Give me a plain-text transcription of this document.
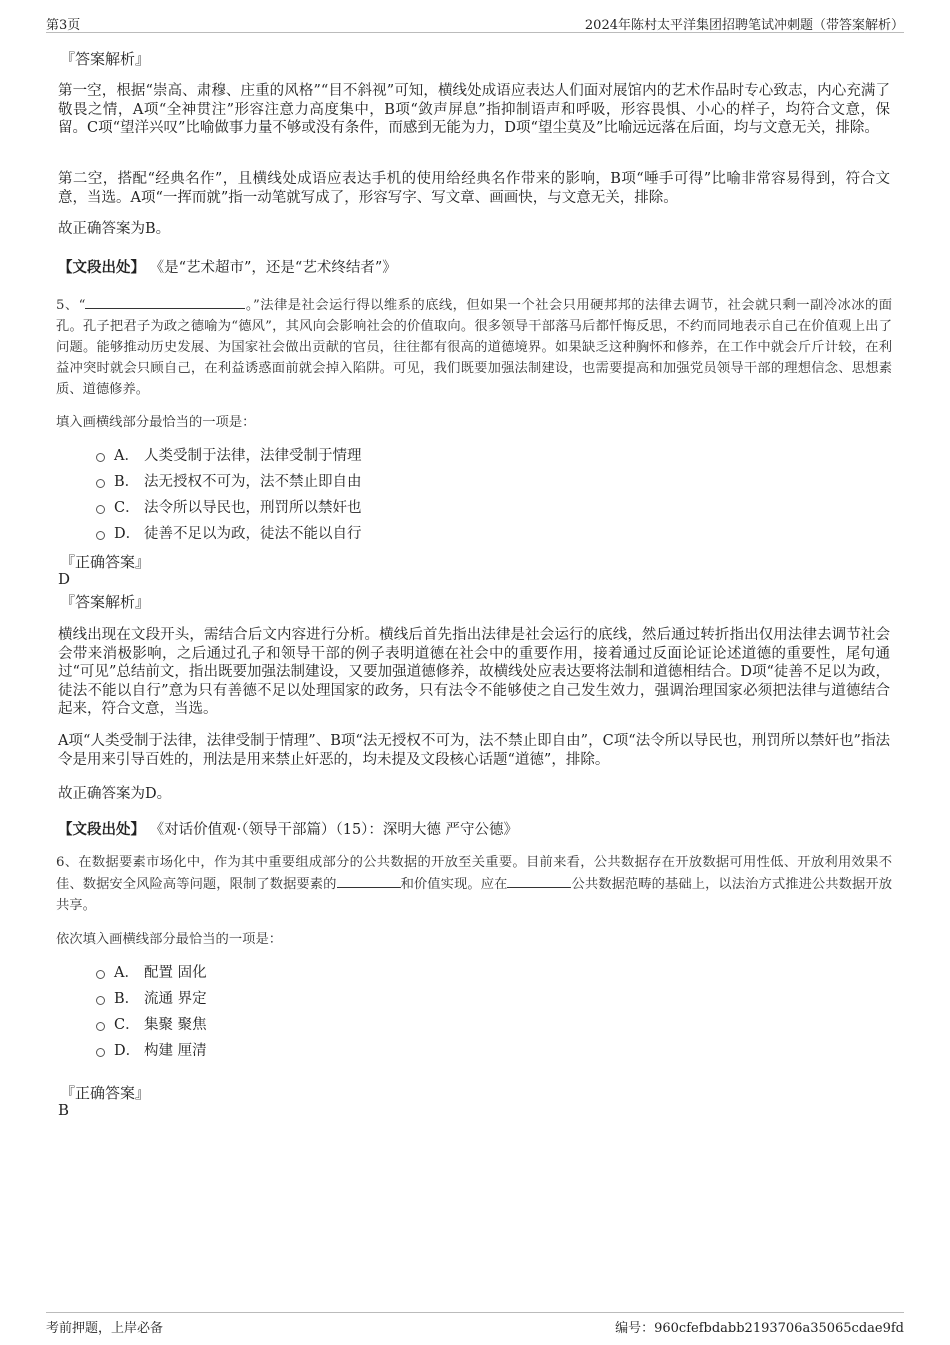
第3页	2024年陈村太平洋集团招聘笔试冲刺题（带答案解析）
『答案解析』
第一空，根据“崇高、肃穆、庄重的风格”“目不斜视”可知，横线处成语应表达人们面对展馆内的艺术作品时专心致志，内心充满了敬畏之情，A项“全神贯注”形容注意力高度集中，B项“敛声屏息”指抑制语声和呼吸，形容畏惧、小心的样子，均符合文意，保留。C项“望洋兴叹”比喻做事力量不够或没有条件，而感到无能为力，D项“望尘莫及”比喻远远落在后面，均与文意无关，排除。
第二空，搭配“经典名作”，且横线处成语应表达手机的使用给经典名作带来的影响，B项“唾手可得”比喻非常容易得到，符合文意，当选。A项“一挥而就”指一动笔就写成了，形容写字、写文章、画画快，与文意无关，排除。
故正确答案为B。
【文段出处】 《是“艺术超市”，还是“艺术终结者”》
5、“	。”法律是社会运行得以维系的底线，但如果一个社会只用硬邦邦的法律去调节，社会就只剩一副冷冰冰的面孔。孔子把君子为政之德喻为“德风”，其风向会影响社会的价值取向。很多领导干部落马后都忏悔反思，不约而同地表示自己在价值观上出了问题。能够推动历史发展、为国家社会做出贡献的官员，往往都有很高的道德境界。如果缺乏这种胸怀和修养，在工作中就会斤斤计较，在利益冲突时就会只顾自己，在利益诱惑面前就会掉入陷阱。可见，我们既要加强法制建设，也需要提高和加强党员领导干部的理想信念、思想素质、道德修养。
填入画横线部分最恰当的一项是：
A． 人类受制于法律，法律受制于情理
B． 法无授权不可为，法不禁止即自由
C． 法令所以导民也，刑罚所以禁奸也
D． 徒善不足以为政，徒法不能以自行
『正确答案』
D
『答案解析』
横线出现在文段开头，需结合后文内容进行分析。横线后首先指出法律是社会运行的底线，然后通过转折指出仅用法律去调节社会会带来消极影响，之后通过孔子和领导干部的例子表明道德在社会中的重要作用，接着通过反面论证论述道德的重要性，尾句通过“可见”总结前文，指出既要加强法制建设，又要加强道德修养，故横线处应表达要将法制和道德相结合。D项“徒善不足以为政，徒法不能以自行”意为只有善德不足以处理国家的政务，只有法令不能够使之自己发生效力，强调治理国家必须把法律与道德结合起来，符合文意，当选。
A项“人类受制于法律，法律受制于情理”、B项“法无授权不可为，法不禁止即自由”，C项“法令所以导民也，刑罚所以禁奸也”指法令是用来引导百姓的，刑法是用来禁止奸恶的，均未提及文段核心话题“道德”，排除。
故正确答案为D。
【文段出处】 《对话价值观·（领导干部篇）（15）：深明大德 严守公德》
6、在数据要素市场化中，作为其中重要组成部分的公共数据的开放至关重要。目前来看，公共数据存在开放数据可用性低、开放利用效果不佳、数据安全风险高等问题，限制了数据要素的	和价值实现。应在	公共数据范畴的基础上，以法治方式推进公共数据开放共享。
依次填入画横线部分最恰当的一项是：
A． 配置 固化
B． 流通 界定
C． 集聚 聚焦
D． 构建 厘清
『正确答案』
B
考前押题，上岸必备	编号：960cfefbdabb2193706a35065cdae9fd
